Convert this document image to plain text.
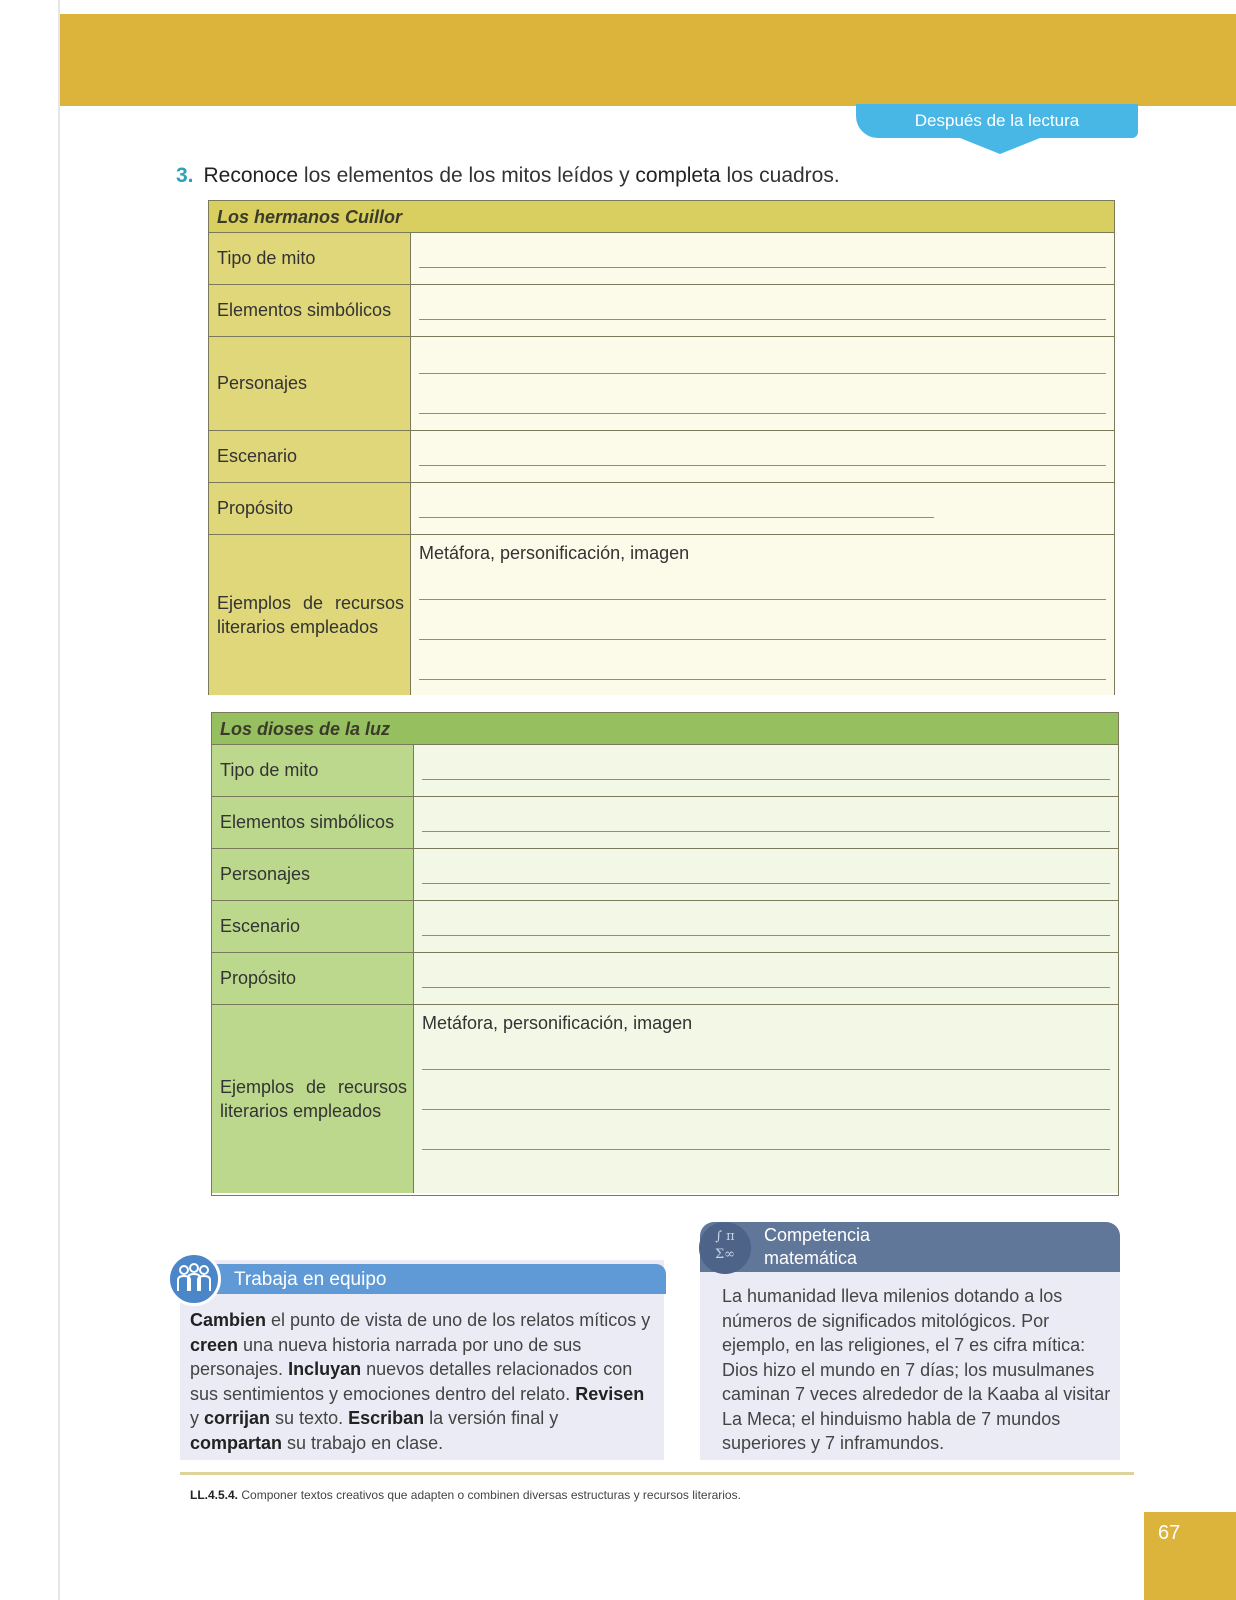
Después de la lectura
3. Reconoce los elementos de los mitos leídos y completa los cuadros.
Los hermanos Cuillor
Tipo de mito
Elementos simbólicos
Personajes
Escenario
Propósito
Ejemplos de recursos literarios empleados
Metáfora, personificación, imagen
Los dioses de la luz
Tipo de mito
Elementos simbólicos
Personajes
Escenario
Propósito
Ejemplos de recursos literarios empleados
Metáfora, personificación, imagen
Trabaja en equipo
Cambien el punto de vista de uno de los relatos míticos y creen una nueva historia narrada por uno de sus personajes. Incluyan nuevos detalles relacionados con sus sentimientos y emociones dentro del relato. Revisen y corrijan su texto. Escriban la versión final y compartan su trabajo en clase.
∫ π
Σ∞
Competencia
matemática
La humanidad lleva milenios dotando a los números de significados mitológicos. Por ejemplo, en las religiones, el 7 es cifra mítica: Dios hizo el mundo en 7 días; los musulmanes caminan 7 veces alrededor de la Kaaba al visitar La Meca; el hinduismo habla de 7 mundos superiores y 7 inframundos.
LL.4.5.4. Componer textos creativos que adapten o combinen diversas estructuras y recursos literarios.
67
